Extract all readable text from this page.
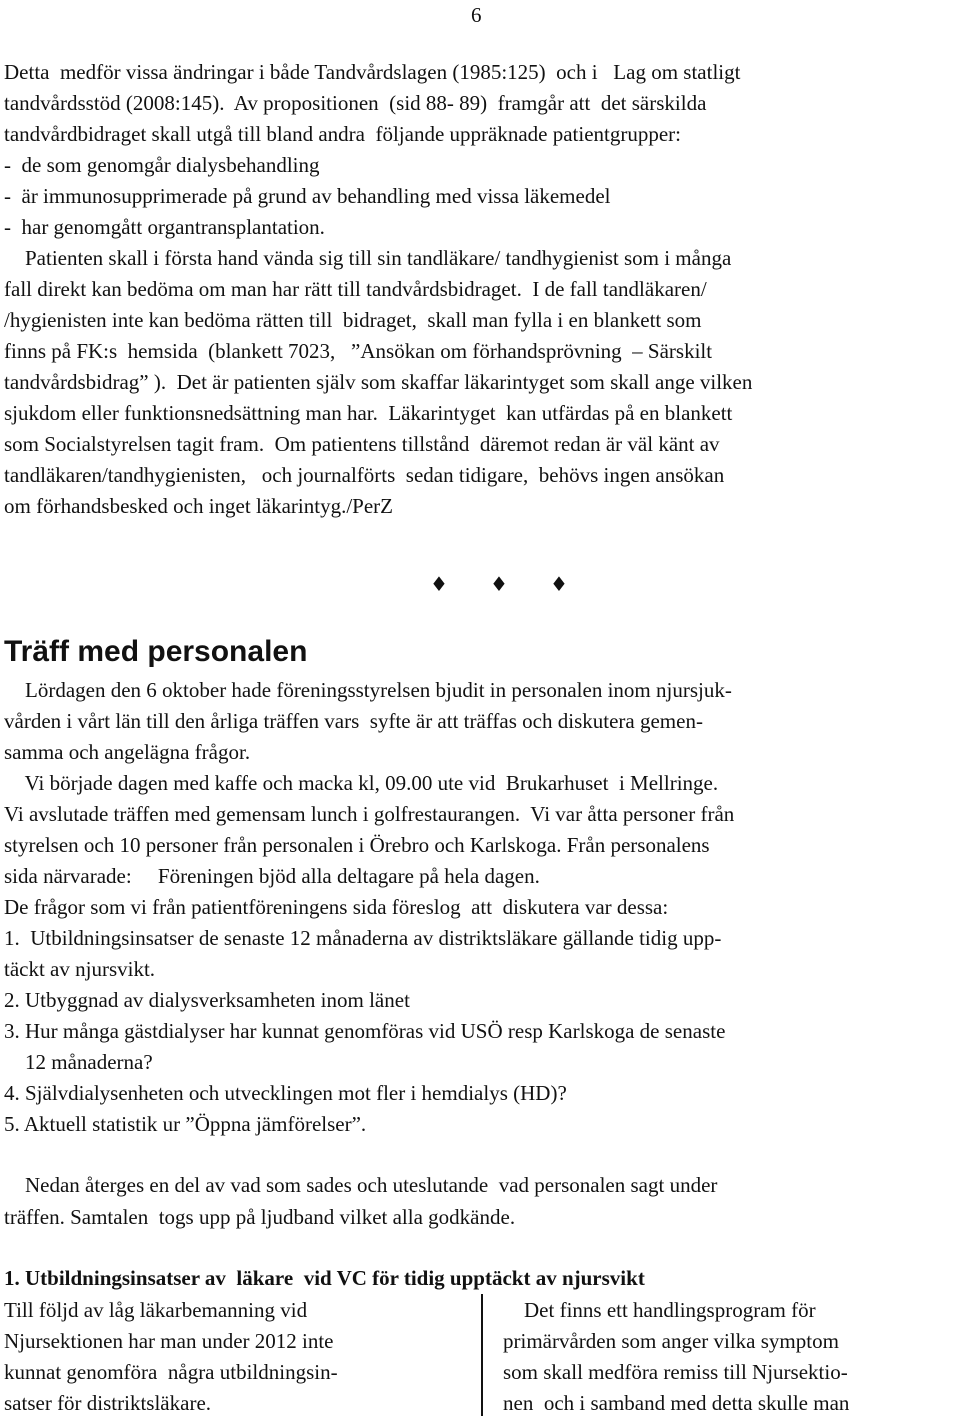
6

Detta  medför vissa ändringar i både Tandvårdslagen (1985:125)  och i   Lag om statligt

tandvårdsstöd (2008:145).  Av propositionen  (sid 88- 89)  framgår att  det särskilda

tandvårdbidraget skall utgå till bland andra  följande uppräknade patientgrupper:

-  de som genomgår dialysbehandling

-  är immunosupprimerade på grund av behandling med vissa läkemedel

-  har genomgått organtransplantation.

Patienten skall i första hand vända sig till sin tandläkare/ tandhygienist som i många

fall direkt kan bedöma om man har rätt till tandvårdsbidraget.  I de fall tandläkaren/

/hygienisten inte kan bedöma rätten till  bidraget,  skall man fylla i en blankett som

finns på FK:s  hemsida  (blankett 7023,   ”Ansökan om förhandsprövning  – Särskilt

tandvårdsbidrag” ).  Det är patienten själv som skaffar läkarintyget som skall ange vilken

sjukdom eller funktionsnedsättning man har.  Läkarintyget  kan utfärdas på en blankett

som Socialstyrelsen tagit fram.  Om patientens tillstånd  däremot redan är väl känt av

tandläkaren/tandhygienisten,   och journalförts  sedan tidigare,  behövs ingen ansökan

om förhandsbesked och inget läkarintyg./PerZ

♦ ♦ ♦
Träff med personalen

Lördagen den 6 oktober hade föreningsstyrelsen bjudit in personalen inom njursjuk-

vården i vårt län till den årliga träffen vars  syfte är att träffas och diskutera gemen-

samma och angelägna frågor.

Vi började dagen med kaffe och macka kl, 09.00 ute vid  Brukarhuset  i Mellringe.

Vi avslutade träffen med gemensam lunch i golfrestaurangen.  Vi var åtta personer från

styrelsen och 10 personer från personalen i Örebro och Karlskoga. Från personalens

sida närvarade:     Föreningen bjöd alla deltagare på hela dagen.

De frågor som vi från patientföreningens sida föreslog  att  diskutera var dessa:

1.  Utbildningsinsatser de senaste 12 månaderna av distriktsläkare gällande tidig upp-

täckt av njursvikt.

2. Utbyggnad av dialysverksamheten inom länet

3. Hur många gästdialyser har kunnat genomföras vid USÖ resp Karlskoga de senaste

12 månaderna?

4. Självdialysenheten och utvecklingen mot fler i hemdialys (HD)?

5. Aktuell statistik ur ”Öppna jämförelser”.

Nedan återges en del av vad som sades och uteslutande  vad personalen sagt under

träffen. Samtalen  togs upp på ljudband vilket alla godkände.

1. Utbildningsinsatser av  läkare  vid VC för tidig upptäckt av njursvikt

Till följd av låg läkarbemanning vid

Njursektionen har man under 2012 inte

kunnat genomföra  några utbildningsin-

satser för distriktsläkare.

Det finns ett handlingsprogram för

primärvården som anger vilka symptom

som skall medföra remiss till Njursektio-

nen  och i samband med detta skulle man
